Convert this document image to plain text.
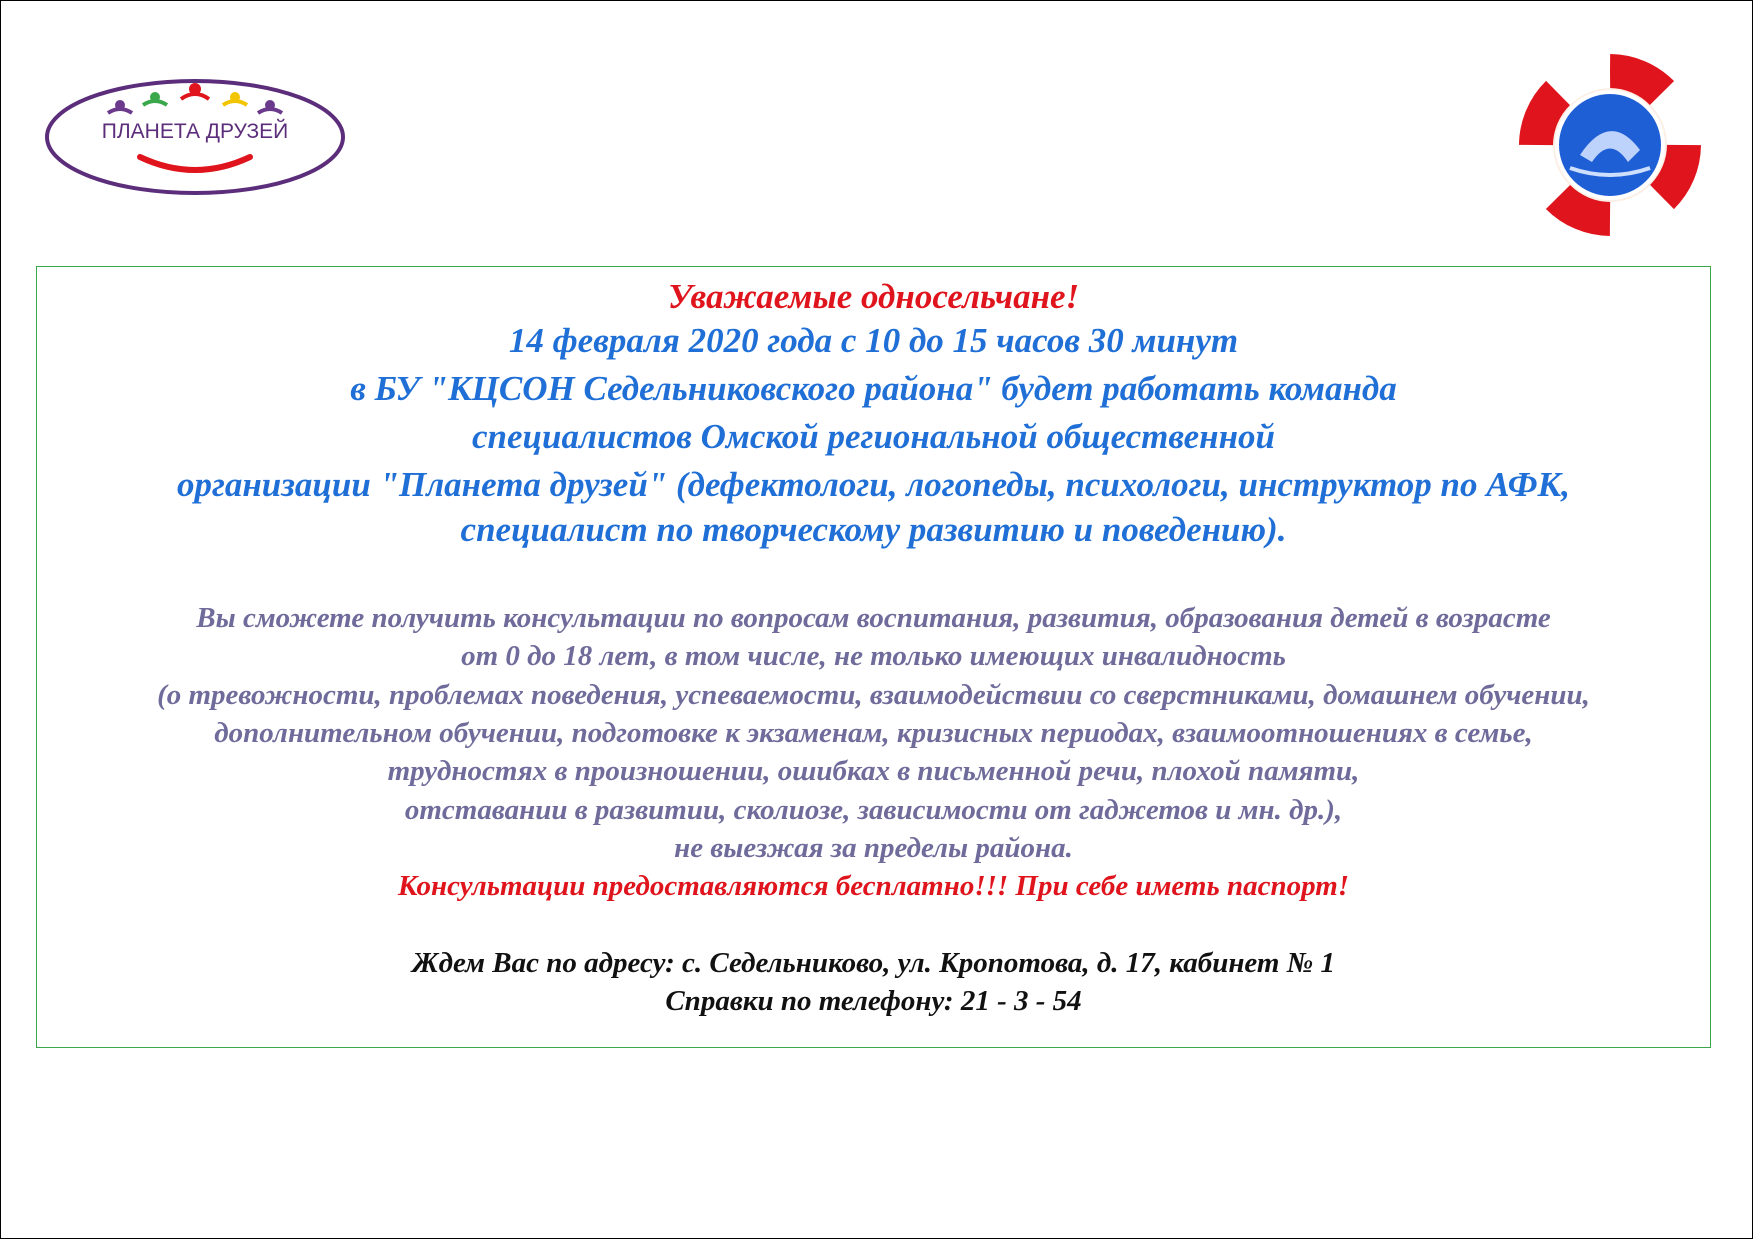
ПЛАНЕТА ДРУЗЕЙ
Уважаемые односельчане!
14 февраля 2020 года с 10 до 15 часов 30 минут
в БУ "КЦСОН Седельниковского района" будет работать команда
специалистов Омской региональной общественной
организации "Планета друзей" (дефектологи, логопеды, психологи, инструктор по АФК,
специалист по творческому развитию и поведению).
Вы сможете получить консультации по вопросам воспитания, развития, образования детей в возрасте
от 0 до 18 лет, в том числе, не только имеющих инвалидность
(о тревожности, проблемах поведения, успеваемости, взаимодействии со сверстниками, домашнем обучении,
дополнительном обучении, подготовке к экзаменам, кризисных периодах, взаимоотношениях в семье,
трудностях в произношении, ошибках в письменной речи, плохой памяти,
отставании в развитии, сколиозе, зависимости от гаджетов и мн. др.),
не выезжая за пределы района.
Консультации предоставляются бесплатно!!! При себе иметь паспорт!
Ждем Вас по адресу: с. Седельниково, ул. Кропотова, д. 17, кабинет № 1
Справки по телефону: 21 - 3 - 54
